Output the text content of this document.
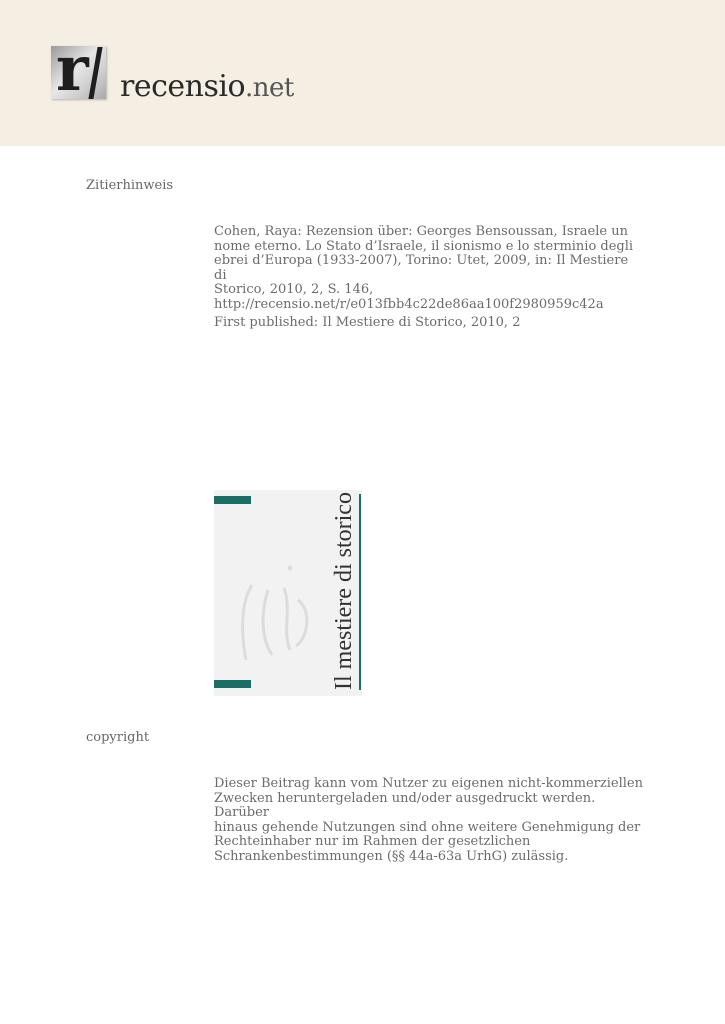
r recensio.net
Zitierhinweis
Cohen, Raya: Rezension über: Georges Bensoussan, Israele un
nome eterno. Lo Stato d’Israele, il sionismo e lo sterminio degli
ebrei d’Europa (1933-2007), Torino: Utet, 2009, in: Il Mestiere di
Storico, 2010, 2, S. 146,
http://recensio.net/r/e013fbb4c22de86aa100f2980959c42a
First published: Il Mestiere di Storico, 2010, 2
Il mestiere di storico
copyright
Dieser Beitrag kann vom Nutzer zu eigenen nicht-kommerziellen
Zwecken heruntergeladen und/oder ausgedruckt werden. Darüber
hinaus gehende Nutzungen sind ohne weitere Genehmigung der
Rechteinhaber nur im Rahmen der gesetzlichen
Schrankenbestimmungen (§§ 44a-63a UrhG) zulässig.
